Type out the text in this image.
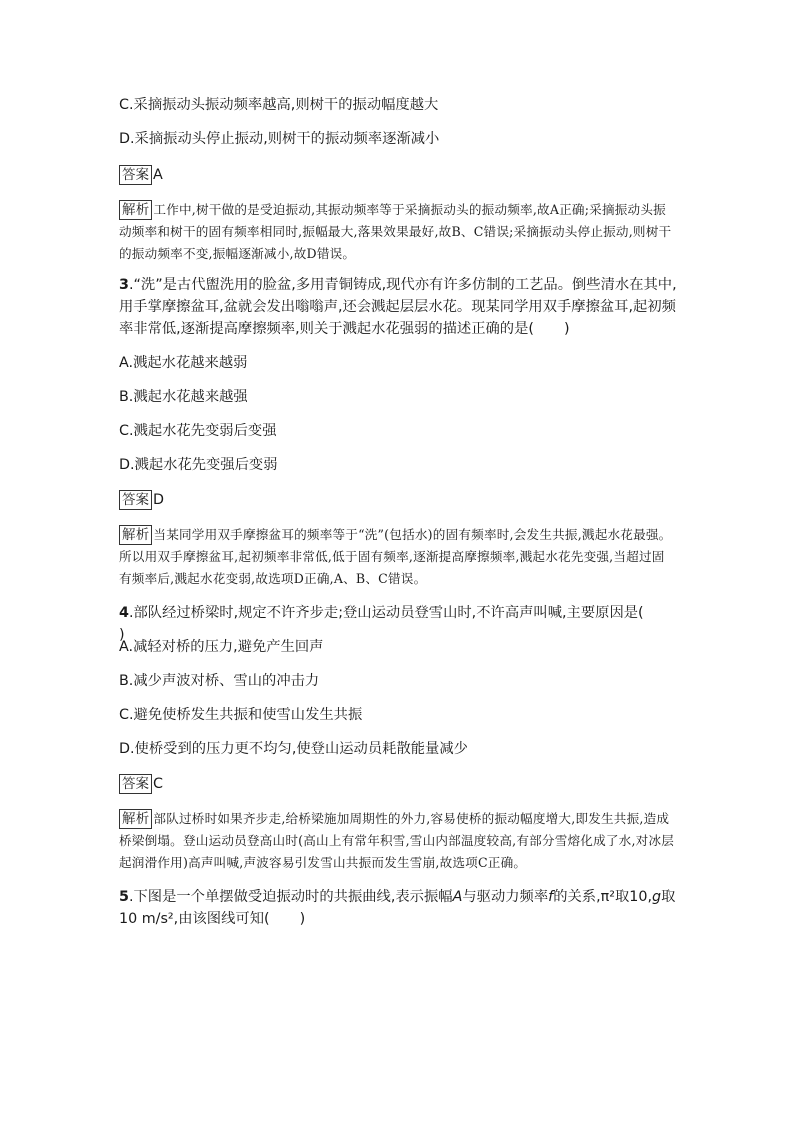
C.采摘振动头振动频率越高,则树干的振动幅度越大
D.采摘振动头停止振动,则树干的振动频率逐渐减小
答案 A
解析 工作中,树干做的是受迫振动,其振动频率等于采摘振动头的振动频率,故A正确;采摘振动头振动频率和树干的固有频率相同时,振幅最大,落果效果最好,故B、C错误;采摘振动头停止振动,则树干的振动频率不变,振幅逐渐减小,故D错误。
3.“洗”是古代盥洗用的脸盆,多用青铜铸成,现代亦有许多仿制的工艺品。倒些清水在其中,用手掌摩擦盆耳,盆就会发出嗡嗡声,还会溅起层层水花。现某同学用双手摩擦盆耳,起初频率非常低,逐渐提高摩擦频率,则关于溅起水花强弱的描述正确的是( )
A.溅起水花越来越弱
B.溅起水花越来越强
C.溅起水花先变弱后变强
D.溅起水花先变强后变弱
答案 D
解析 当某同学用双手摩擦盆耳的频率等于“洗”(包括水)的固有频率时,会发生共振,溅起水花最强。所以用双手摩擦盆耳,起初频率非常低,低于固有频率,逐渐提高摩擦频率,溅起水花先变强,当超过固有频率后,溅起水花变弱,故选项D正确,A、B、C错误。
4.部队经过桥梁时,规定不许齐步走;登山运动员登雪山时,不许高声叫喊,主要原因是()
A.减轻对桥的压力,避免产生回声
B.减少声波对桥、雪山的冲击力
C.避免使桥发生共振和使雪山发生共振
D.使桥受到的压力更不均匀,使登山运动员耗散能量减少
答案 C
解析 部队过桥时如果齐步走,给桥梁施加周期性的外力,容易使桥的振动幅度增大,即发生共振,造成桥梁倒塌。登山运动员登高山时(高山上有常年积雪,雪山内部温度较高,有部分雪熔化成了水,对冰层起润滑作用)高声叫喊,声波容易引发雪山共振而发生雪崩,故选项C正确。
5.下图是一个单摆做受迫振动时的共振曲线,表示振幅A与驱动力频率f的关系,π²取10,g取 10 m/s²,由该图线可知( )
